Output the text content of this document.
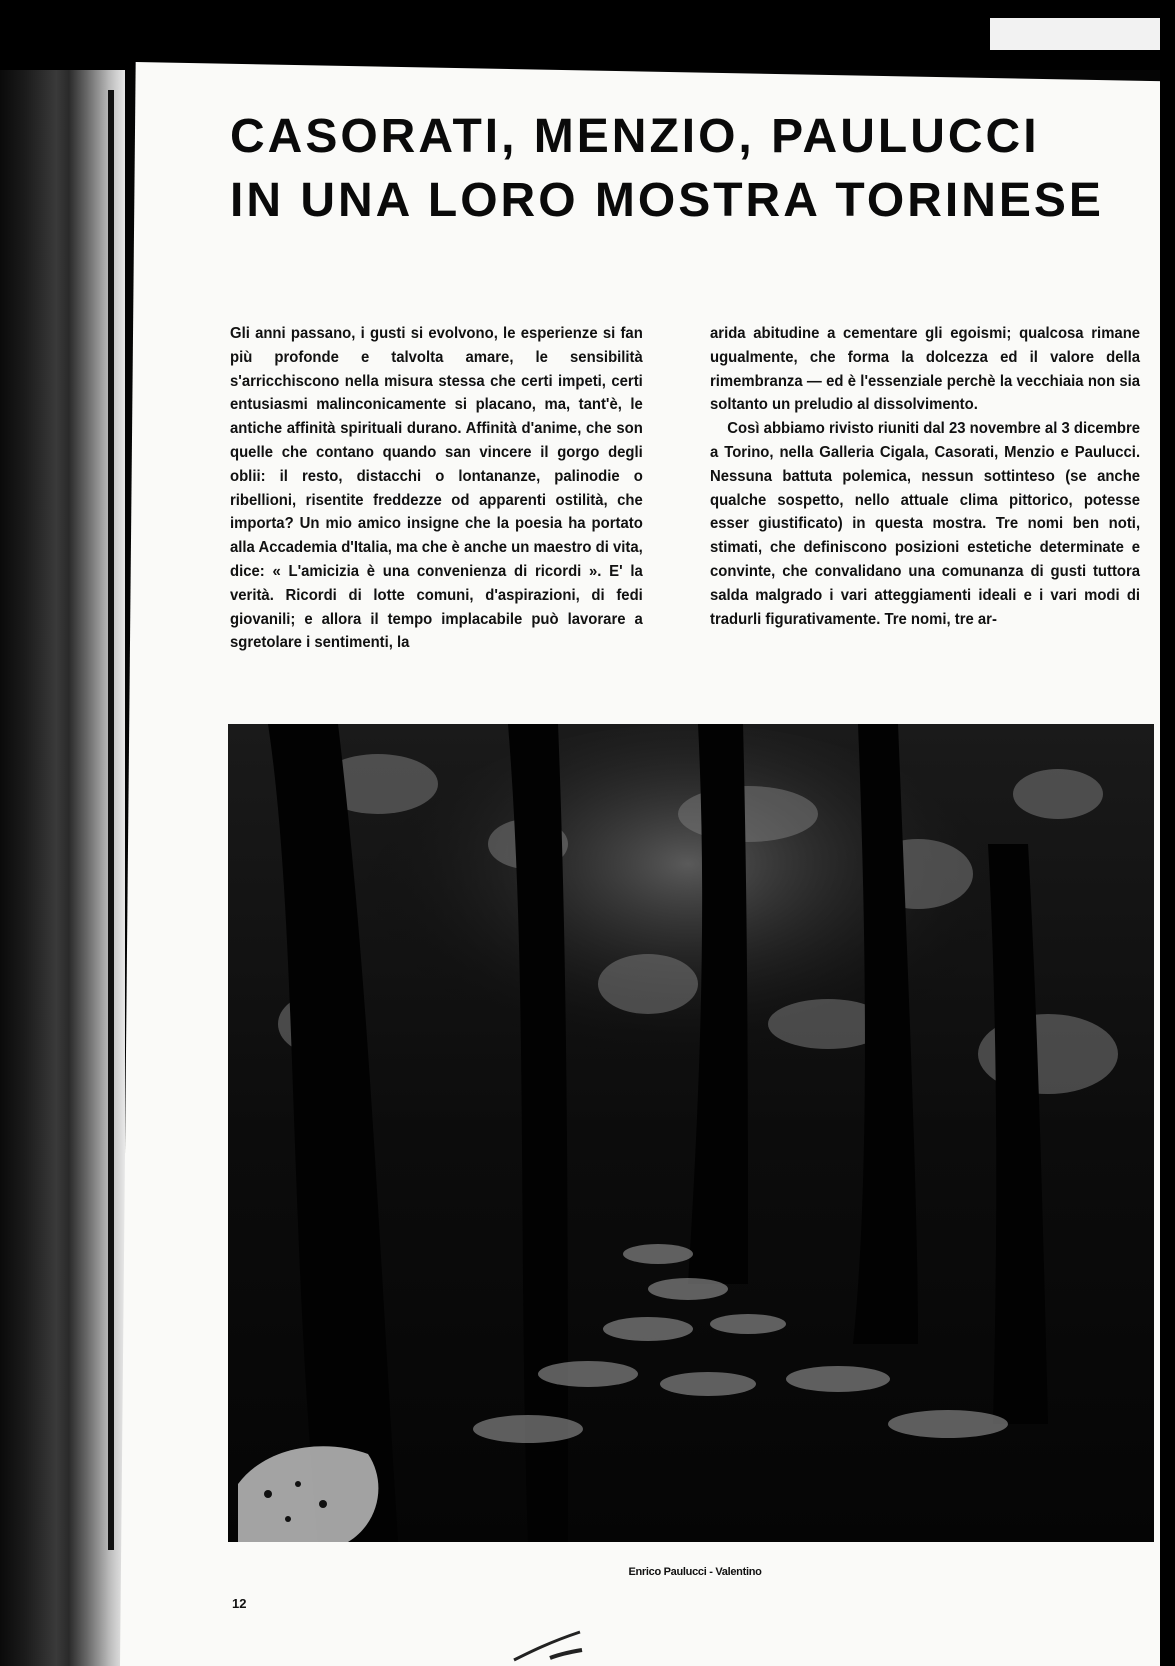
CASORATI, MENZIO, PAULUCCI
IN UNA LORO MOSTRA TORINESE

Gli anni passano, i gusti si evolvono, le esperienze si fan più profonde e talvolta amare, le sensibilità s'arricchiscono nella misura stessa che certi impeti, certi entusiasmi malinconicamente si placano, ma, tant'è, le antiche affinità spirituali durano. Affinità d'anime, che son quelle che contano quando san vincere il gorgo degli oblii: il resto, distacchi o lontananze, palinodie o ribellioni, risentite freddezze od apparenti ostilità, che importa? Un mio amico insigne che la poesia ha portato alla Accademia d'Italia, ma che è anche un maestro di vita, dice: « L'amicizia è una convenienza di ricordi ». E' la verità. Ricordi di lotte comuni, d'aspirazioni, di fedi giovanili; e allora il tempo implacabile può lavorare a sgretolare i sentimenti, la

arida abitudine a cementare gli egoismi; qualcosa rimane ugualmente, che forma la dolcezza ed il valore della rimembranza — ed è l'essenziale perchè la vecchiaia non sia soltanto un preludio al dissolvimento.

Così abbiamo rivisto riuniti dal 23 novembre al 3 dicembre a Torino, nella Galleria Cigala, Casorati, Menzio e Paulucci. Nessuna battuta polemica, nessun sottinteso (se anche qualche sospetto, nello attuale clima pittorico, potesse esser giustificato) in questa mostra. Tre nomi ben noti, stimati, che definiscono posizioni estetiche determinate e convinte, che convalidano una comunanza di gusti tuttora salda malgrado i vari atteggiamenti ideali e i vari modi di tradurli figurativamente. Tre nomi, tre ar-

Enrico Paulucci - Valentino
12
